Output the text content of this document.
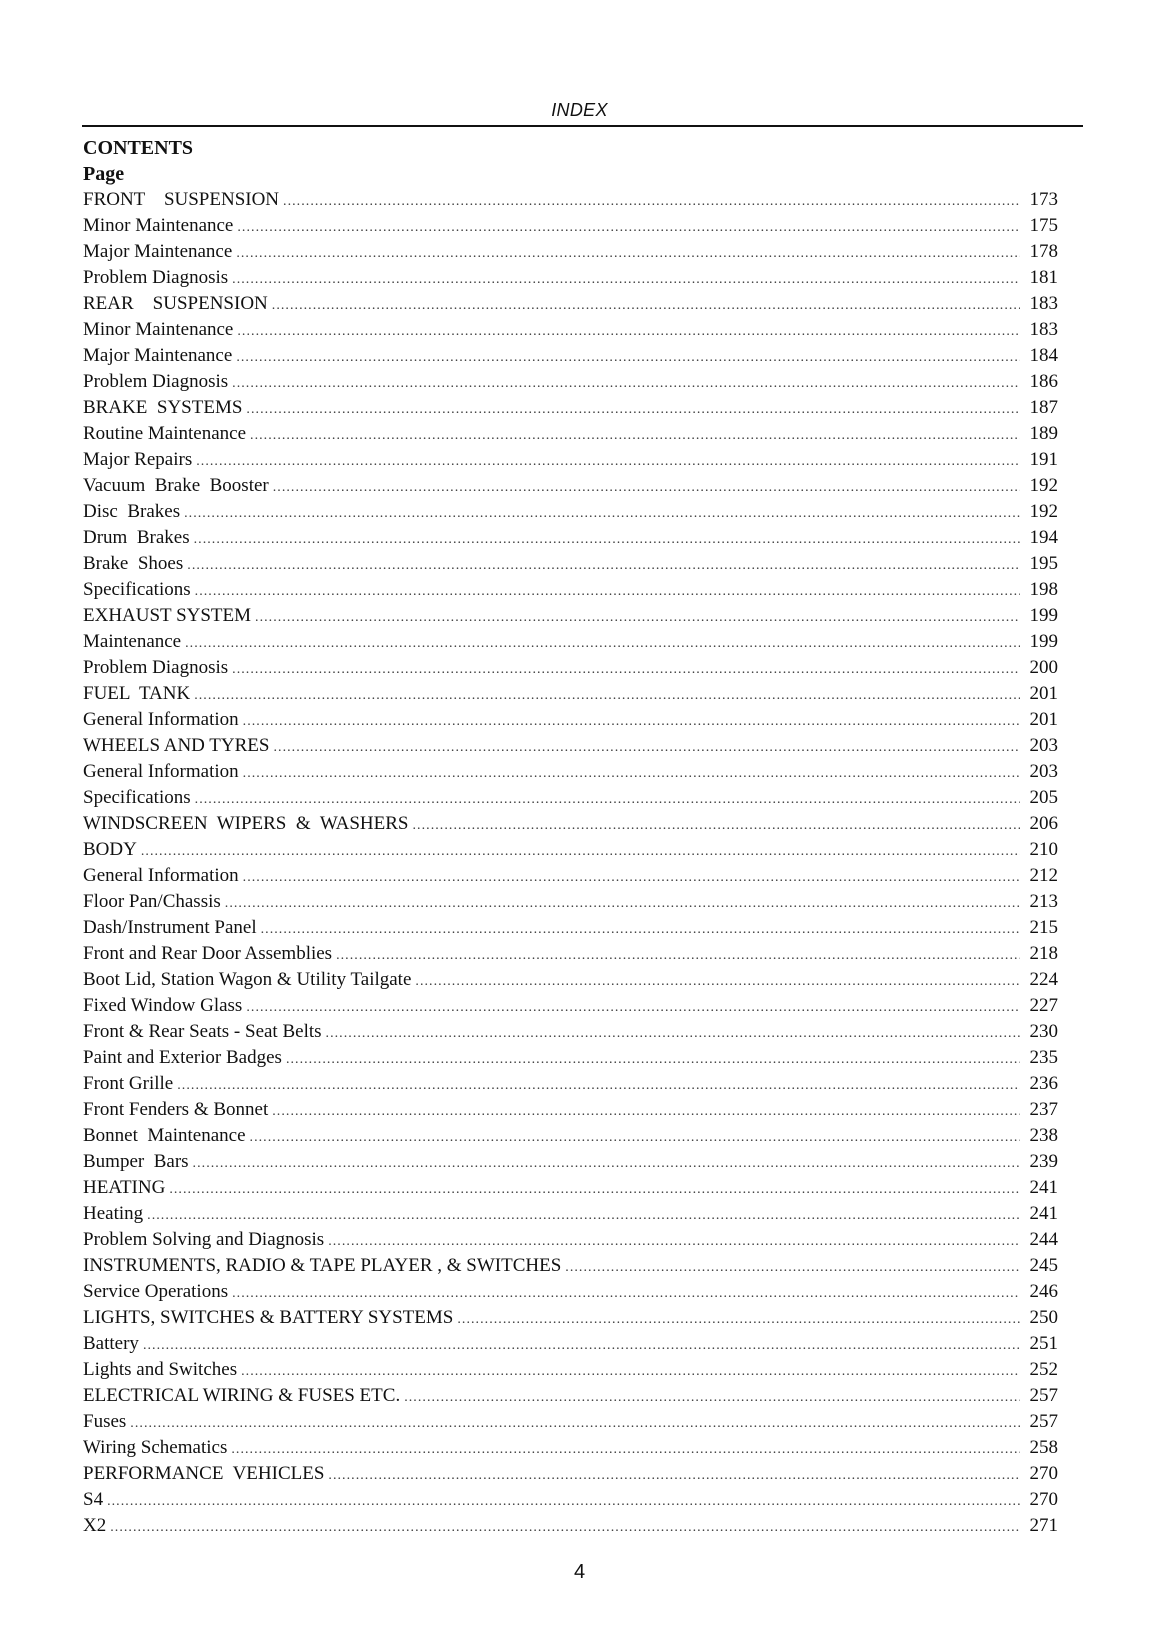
INDEX
CONTENTS
Page
FRONT    SUSPENSION .....	173
Minor Maintenance .....	175
Major Maintenance .....	178
Problem Diagnosis .....	181
REAR    SUSPENSION .....	183
Minor Maintenance .....	183
Major Maintenance .....	184
Problem Diagnosis .....	186
BRAKE  SYSTEMS .....	187
Routine Maintenance .....	189
Major Repairs .....	191
Vacuum  Brake  Booster .....	192
Disc  Brakes .....	192
Drum  Brakes .....	194
Brake  Shoes .....	195
Specifications .....	198
EXHAUST SYSTEM .....	199
Maintenance .....	199
Problem Diagnosis .....	200
FUEL  TANK .....	201
General Information .....	201
WHEELS AND TYRES .....	203
General Information .....	203
Specifications .....	205
WINDSCREEN  WIPERS  &  WASHERS .....	206
BODY .....	210
General Information .....	212
Floor Pan/Chassis .....	213
Dash/Instrument Panel .....	215
Front and Rear Door Assemblies .....	218
Boot Lid, Station Wagon & Utility Tailgate .....	224
Fixed Window Glass .....	227
Front & Rear Seats - Seat Belts .....	230
Paint and Exterior Badges .....	235
Front Grille .....	236
Front Fenders & Bonnet .....	237
Bonnet  Maintenance .....	238
Bumper  Bars .....	239
HEATING .....	241
Heating .....	241
Problem Solving and Diagnosis .....	244
INSTRUMENTS, RADIO & TAPE PLAYER , & SWITCHES .....	245
Service Operations .....	246
LIGHTS, SWITCHES & BATTERY SYSTEMS .....	250
Battery .....	251
Lights and Switches .....	252
ELECTRICAL WIRING & FUSES ETC. .....	257
Fuses .....	257
Wiring Schematics .....	258
PERFORMANCE  VEHICLES .....	270
S4 .....	270
X2 .....	271
4
